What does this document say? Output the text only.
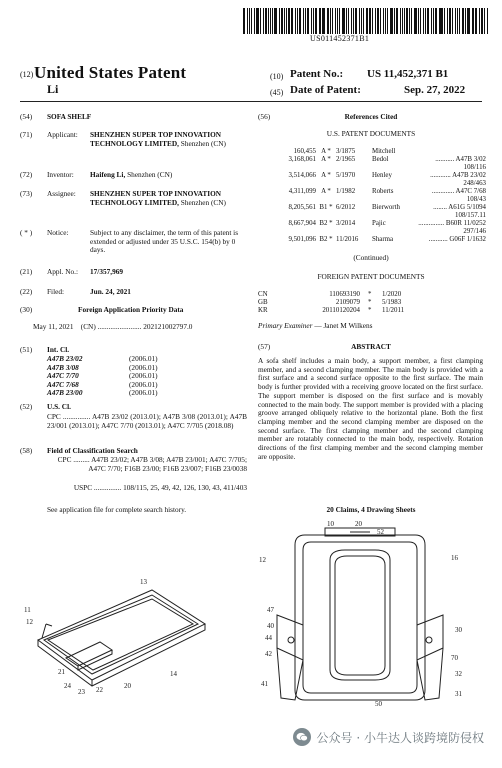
US011452371B1
(12) United States Patent
Li
(10) Patent No.: US 11,452,371 B1
(45) Date of Patent:	Sep. 27, 2022
(54) SOFA SHELF
(71) Applicant: SHENZHEN SUPER TOP INNOVATION TECHNOLOGY LIMITED, Shenzhen (CN)
(72) Inventor: Haifeng Li, Shenzhen (CN)
(73) Assignee: SHENZHEN SUPER TOP INNOVATION TECHNOLOGY LIMITED, Shenzhen (CN)
( * ) Notice:	Subject to any disclaimer, the term of this patent is extended or adjusted under 35 U.S.C. 154(b) by 0 days.
(21) Appl. No.: 17/357,969
(22) Filed:	Jun. 24, 2021
(30)	Foreign Application Priority Data
May 11, 2021    (CN) ........................ 202121002797.0
(51) Int. Cl.
A47B 23/02	(2006.01)
A47B 3/08	(2006.01)
A47C 7/70	(2006.01)
A47C 7/68	(2006.01)
A47B 23/00	(2006.01)
(52) U.S. Cl.
CPC ............... A47B 23/02 (2013.01); A47B 3/08 (2013.01); A47B 23/001 (2013.01); A47C 7/70 (2013.01); A47C 7/705 (2018.08)
(58) Field of Classification Search
CPC ......... A47B 23/02; A47B 3/08; A47B 23/001; A47C 7/705; A47C 7/70; F16B 23/00; F16B 23/007; F16B 23/0038
USPC ............... 108/115, 25, 49, 42, 126, 130, 43, 411/403
See application file for complete search history.
(56)	References Cited
U.S. PATENT DOCUMENTS
160,455 A * 3/1875	Mitchell
3,168,061 A * 2/1965	Bedol	........... A47B 3/02
108/116
3,514,066 A * 5/1970	Henley	............ A47B 23/02
248/463
4,311,099 A * 1/1982	Roberts	............. A47C 7/68
108/43
8,205,561 B1 * 6/2012	Bierworth	........ A61G 5/1094
108/157.11
8,667,904 B2 * 3/2014	Pajic	............... B60R 11/0252
297/146
9,501,096 B2 * 11/2016	Sharma	........... G06F 1/1632
(Continued)
FOREIGN PATENT DOCUMENTS
CN	110693190	*	1/2020
GB	2109079	*	5/1983
KR	20110120204	*	11/2011
Primary Examiner — Janet M Wilkens
(57)	ABSTRACT
A sofa shelf includes a main body, a support member, a first clamping member, and a second clamping member. The main body is provided with a first surface and a second surface opposite to the first surface. The main body is further provided with a receiving groove located on the first surface. The support member is disposed on the first surface and is movably connected to the main body. The support member is provided with a placing groove arranged obliquely relative to the horizontal plane. Both the first clamping member and the second clamping member are disposed on the second surface. The first clamping member and the second clamping member are rotatably connected to the main body, respectively. Rotation directions of the first clamping member and the second clamping member are opposite.
20 Claims, 4 Drawing Sheets
13
11
12
21
24
23 22	20
14
10	20
52
12	16
47
40
44
42
41
30
70
32
31
50
公众号 · 小牛达人谈跨境防侵权
